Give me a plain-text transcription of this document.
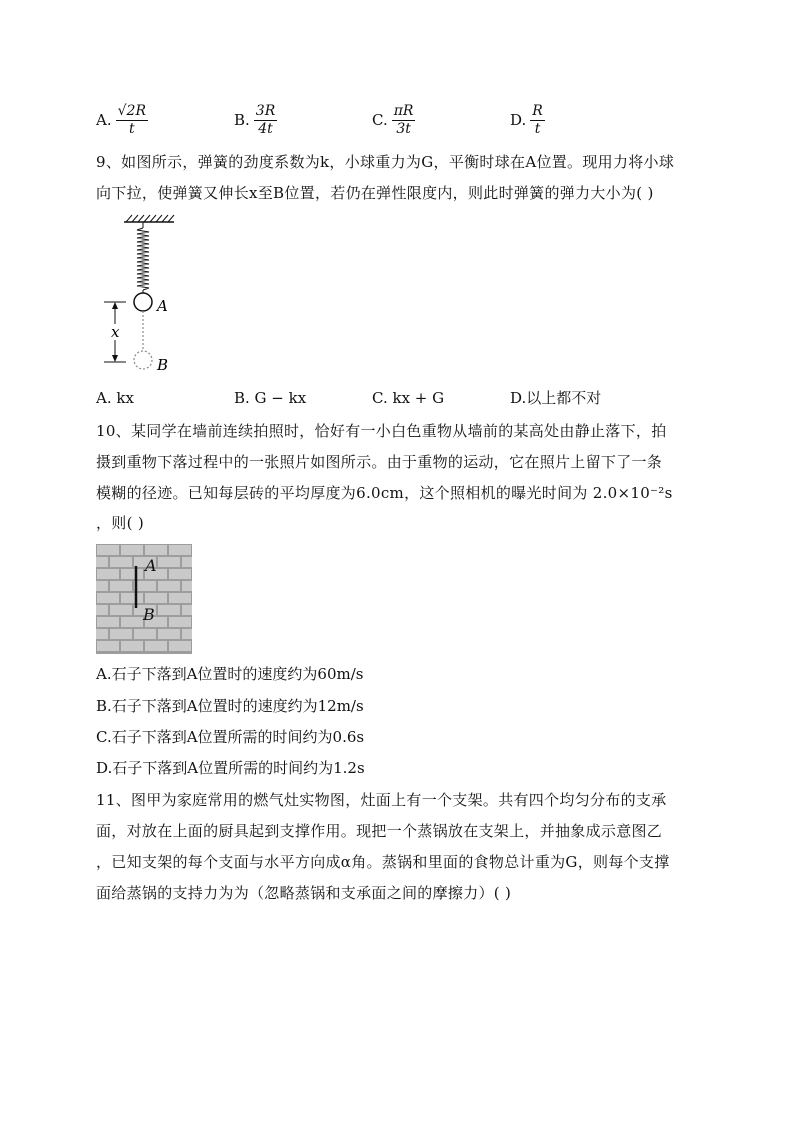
A. $\frac{√2R}{t}$	B. $\frac{3R}{4t}$	C. $\frac{\pi R}{3t}$	D. $\frac{R}{t}$
9、如图所示，弹簧的劲度系数为k，小球重力为G，平衡时球在A位置。现用力将小球
向下拉，使弹簧又伸长x至B位置，若仍在弹性限度内，则此时弹簧的弹力大小为( )
A
B
x
A. kx	B. G − kx	C. kx + G	D.以上都不对
10、某同学在墙前连续拍照时，恰好有一小白色重物从墙前的某高处由静止落下，拍
摄到重物下落过程中的一张照片如图所示。由于重物的运动，它在照片上留下了一条
模糊的径迹。已知每层砖的平均厚度为6.0cm，这个照相机的曝光时间为 2.0×10⁻²s
，则( )
A
B
A.石子下落到A位置时的速度约为60m/s
B.石子下落到A位置时的速度约为12m/s
C.石子下落到A位置所需的时间约为0.6s
D.石子下落到A位置所需的时间约为1.2s
11、图甲为家庭常用的燃气灶实物图，灶面上有一个支架。共有四个均匀分布的支承
面，对放在上面的厨具起到支撑作用。现把一个蒸锅放在支架上，并抽象成示意图乙
，已知支架的每个支面与水平方向成α角。蒸锅和里面的食物总计重为G，则每个支撑
面给蒸锅的支持力为为（忽略蒸锅和支承面之间的摩擦力）( )
